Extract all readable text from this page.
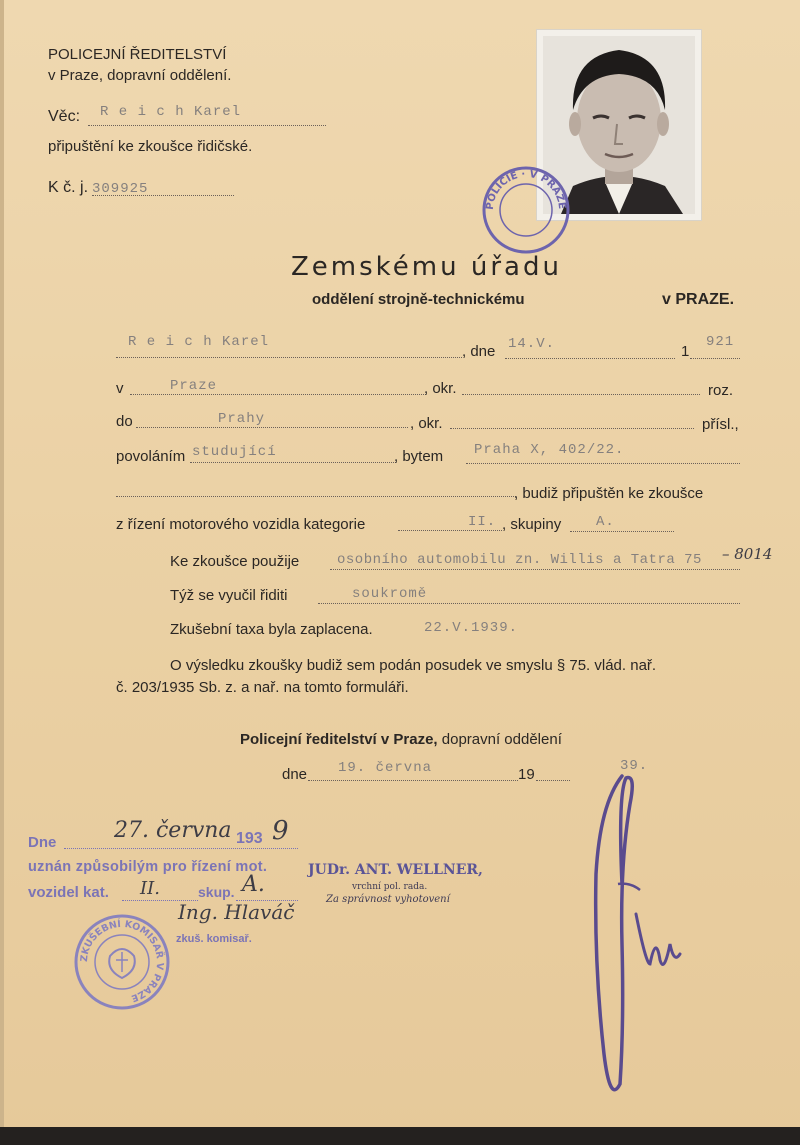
POLICEJNÍ ŘEDITELSTVÍ
v Praze, dopravní oddělení.
Věc: R e i c h Karel
připuštění ke zkoušce řidičské.
K č. j. 309925
POLICIE · V PRAZE
Zemskému úřadu
oddělení strojně-technickému	v PRAZE.
R e i c h Karel
, dne 14.V.	1
921
v	Praze	, okr.	roz.
do	Prahy	, okr.	přísl.,
povoláním studující	, bytem Praha X, 402/22.
, budiž připuštěn ke zkoušce
z řízení motorového vozidla kategorie	II. , skupiny A.
Ke zkoušce použije	osobního automobilu zn. Willis a Tatra 75 – 8014
Týž se vyučil řiditi	soukromě
Zkušební taxa byla zaplacena.	22.V.1939.
O výsledku zkoušky budiž sem podán posudek ve smyslu § 75. vlád. nař.
č. 203/1935 Sb. z. a nař. na tomto formuláři.
Policejní ředitelství v Praze, dopravní oddělení
dne 19. června	19	39.
Dne	27. června 193 9
uznán způsobilým pro řízení mot.
vozidel kat. II.	skup. A.
Ing. Hlaváč
zkuš. komisař.
ZKUŠEBNÍ KOMISAŘ V PRAZE
JUDr. ANT. WELLNER,
vrchní pol. rada.
Za správnost vyhotovení
